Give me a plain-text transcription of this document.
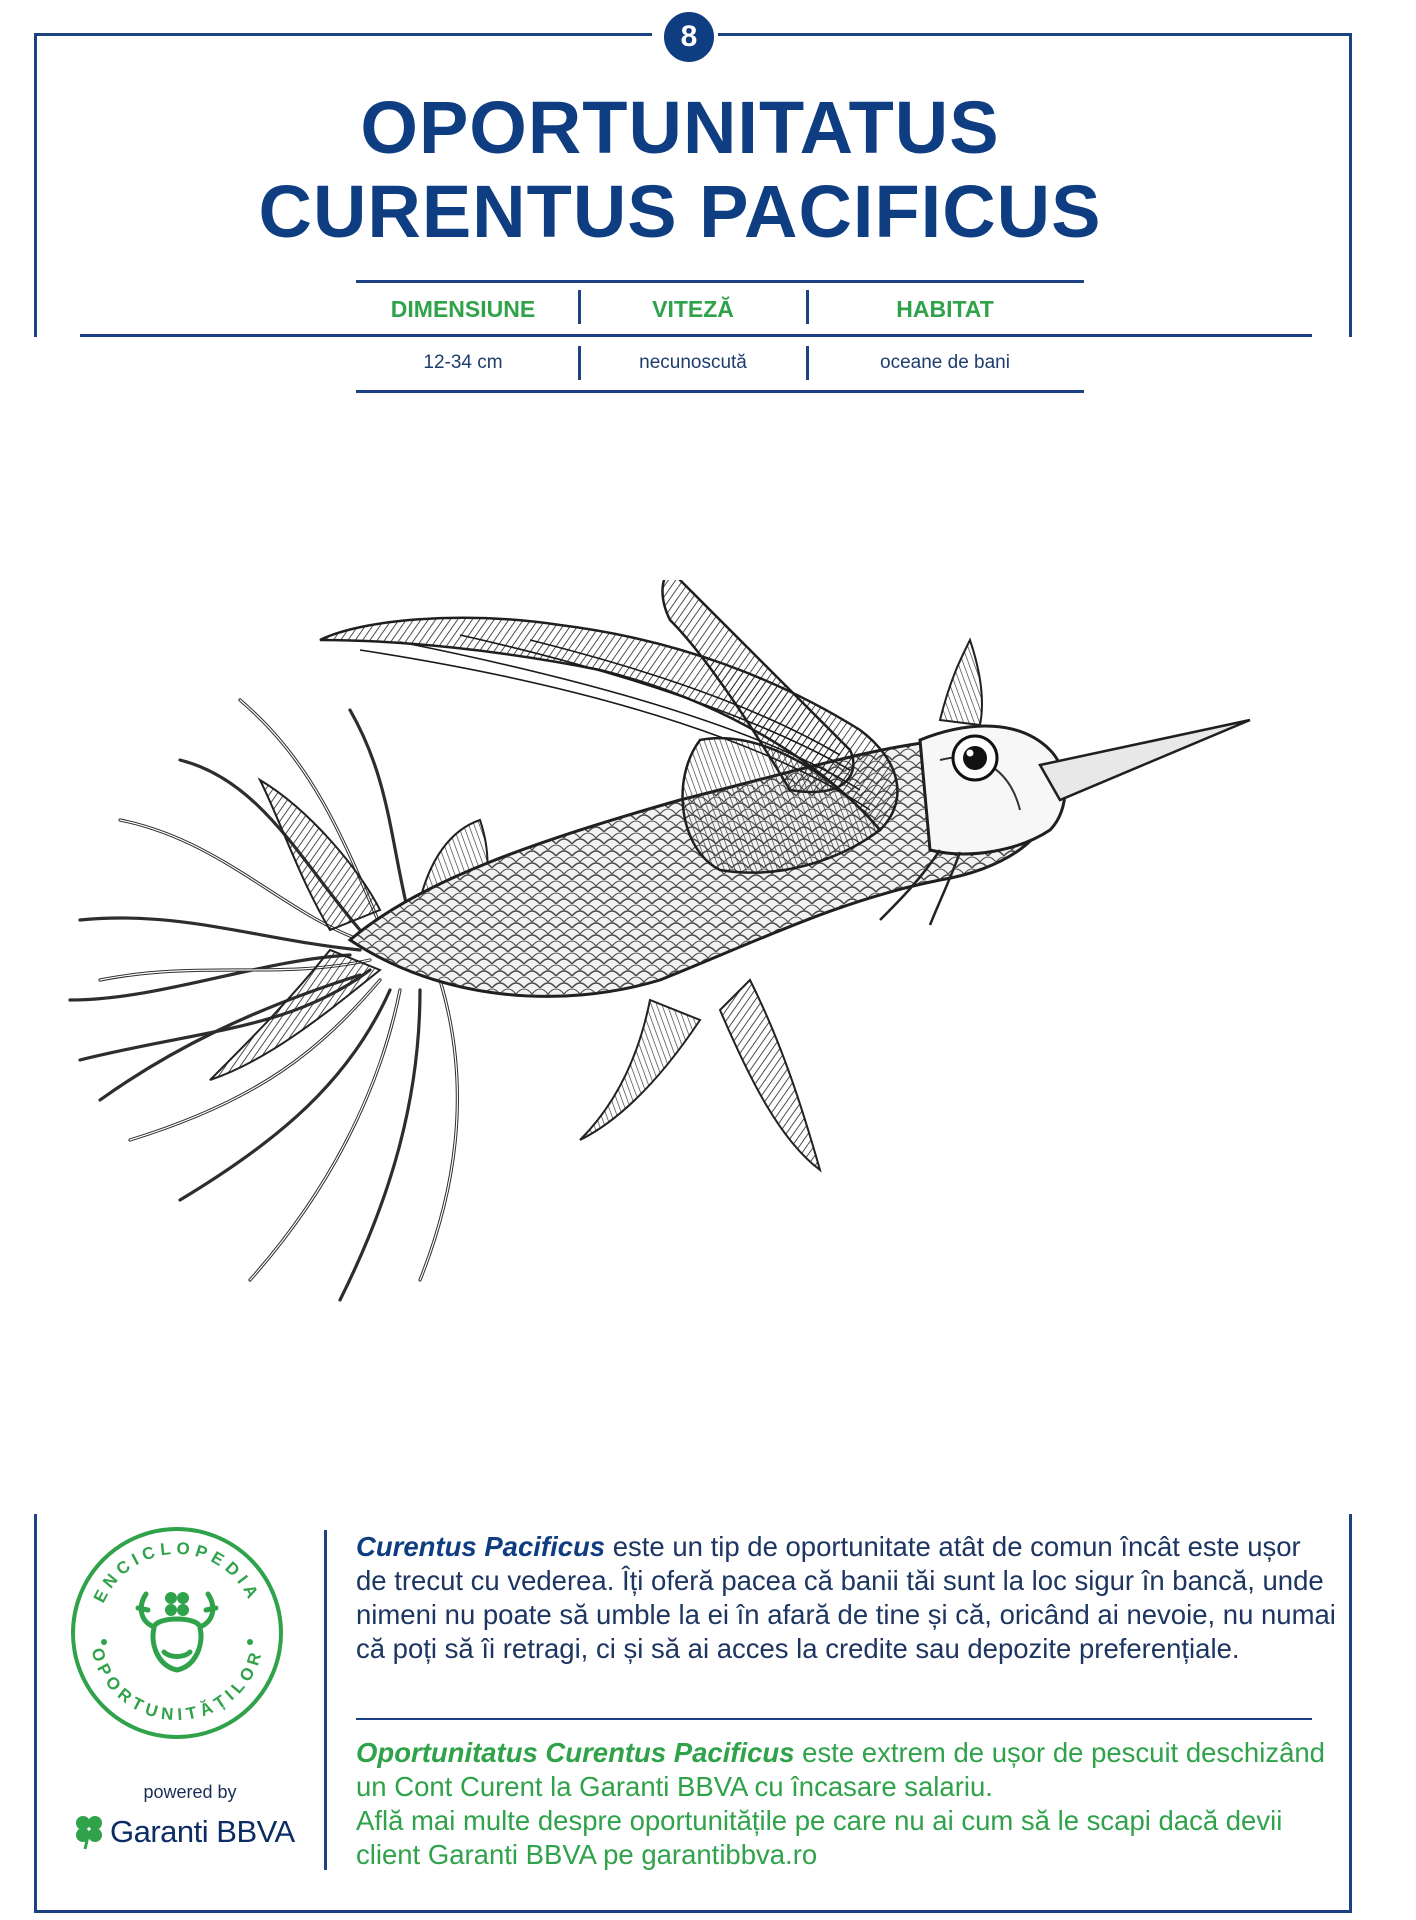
8
OPORTUNITATUS
CURENTUS PACIFICUS
DIMENSIUNE	VITEZĂ	HABITAT
12-34 cm	necunoscută	oceane de bani
ENCICLOPEDIA
OPORTUNITĂȚILOR
powered by
Garanti BBVA
Curentus Pacificus este un tip de oportunitate atât de comun încât este ușor de trecut cu vederea. Îți oferă pacea că banii tăi sunt la loc sigur în bancă, unde nimeni nu poate să umble la ei în afară de tine și că, oricând ai nevoie, nu numai că poți să îi retragi, ci și să ai acces la credite sau depozite preferențiale.
Oportunitatus Curentus Pacificus este extrem de ușor de pescuit deschizând un Cont Curent la Garanti BBVA cu încasare salariu.
Află mai multe despre oportunitățile pe care nu ai cum să le scapi dacă devii client Garanti BBVA pe garantibbva.ro
